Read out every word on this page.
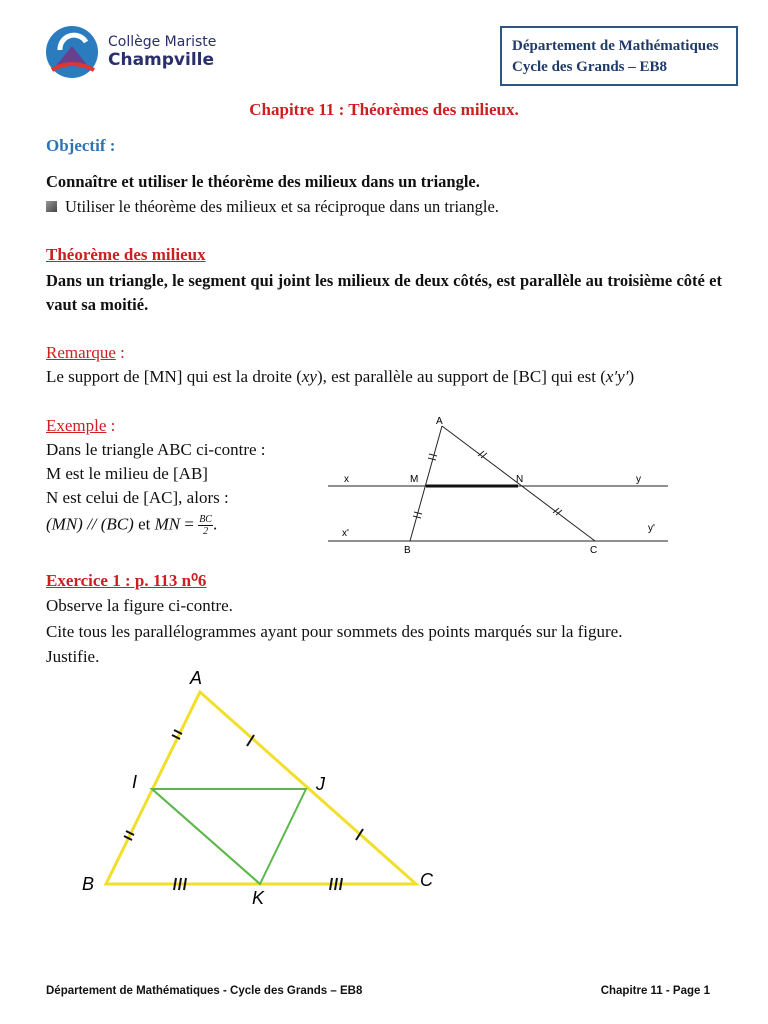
Collège Mariste
Champville
Département de Mathématiques
Cycle des Grands – EB8
Chapitre 11 : Théorèmes des milieux.
Objectif :
Connaître et utiliser le théorème des milieux dans un triangle.
Utiliser le théorème des milieux et sa réciproque dans un triangle.
Théorème des milieux
Dans un triangle, le segment qui joint les milieux de deux côtés, est parallèle au troisième côté et vaut sa moitié.
Remarque :
Le support de [MN] qui est la droite (xy), est parallèle au support de [BC] qui est (x′y′)
Exemple :
Dans le triangle ABC ci-contre :
M est le milieu de [AB]
N est celui de [AC], alors :
(MN) // (BC) et MN = $\frac{BC}{2}$ .
A
M	N
B	C
x	y
x'	y'
Exercice 1 : p. 113 n⁰6
Observe la figure ci-contre.
Cite tous les parallélogrammes ayant pour sommets des points marqués sur la figure.
Justifie.
A
I	J
B
K
C
Département de Mathématiques - Cycle des Grands – EB8	Chapitre 11 - Page 1
